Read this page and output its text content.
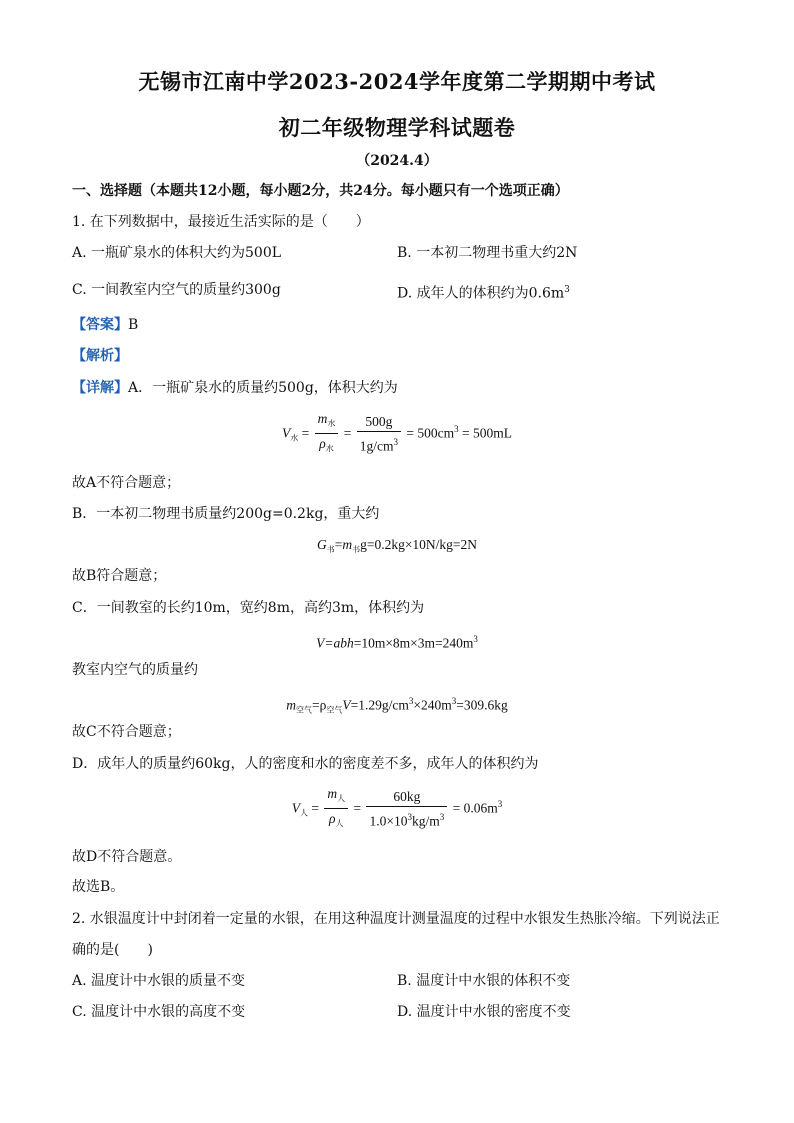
无锡市江南中学2023-2024学年度第二学期期中考试
初二年级物理学科试题卷
（2024.4）
一、选择题（本题共12小题，每小题2分，共24分。每小题只有一个选项正确）
1. 在下列数据中，最接近生活实际的是（　　）
A. 一瓶矿泉水的体积大约为500L	B. 一本初二物理书重大约2N
C. 一间教室内空气的质量约300g	D. 成年人的体积约为$0.6m^3$
【答案】B
【解析】
【详解】A．一瓶矿泉水的质量约500g，体积大约为
$V_水 = \frac{m_水}{\rho_水} = \frac{500g}{1g/cm^3} = 500cm^3 = 500mL$
故A不符合题意；
B．一本初二物理书质量约200g=0.2kg，重大约
$G_书=m_书g=0.2kg\times 10N/kg=2N$
故B符合题意；
C．一间教室的长约10m，宽约8m，高约3m，体积约为
$V=abh=10m\times 8m\times 3m=240m^3$
教室内空气的质量约
$m_{空气}=\rho_{空气}V=1.29g/cm^3\times 240m^3=309.6kg$
故C不符合题意；
D．成年人的质量约60kg，人的密度和水的密度差不多，成年人的体积约为
$V_人 = \frac{m_人}{\rho_人} = \frac{60kg}{1.0\times 10^3kg/m^3} = 0.06m^3$
故D不符合题意。
故选B。
2. 水银温度计中封闭着一定量的水银，在用这种温度计测量温度的过程中水银发生热胀冷缩。下列说法正
确的是(　　)
A. 温度计中水银的质量不变	B. 温度计中水银的体积不变
C. 温度计中水银的高度不变	D. 温度计中水银的密度不变
